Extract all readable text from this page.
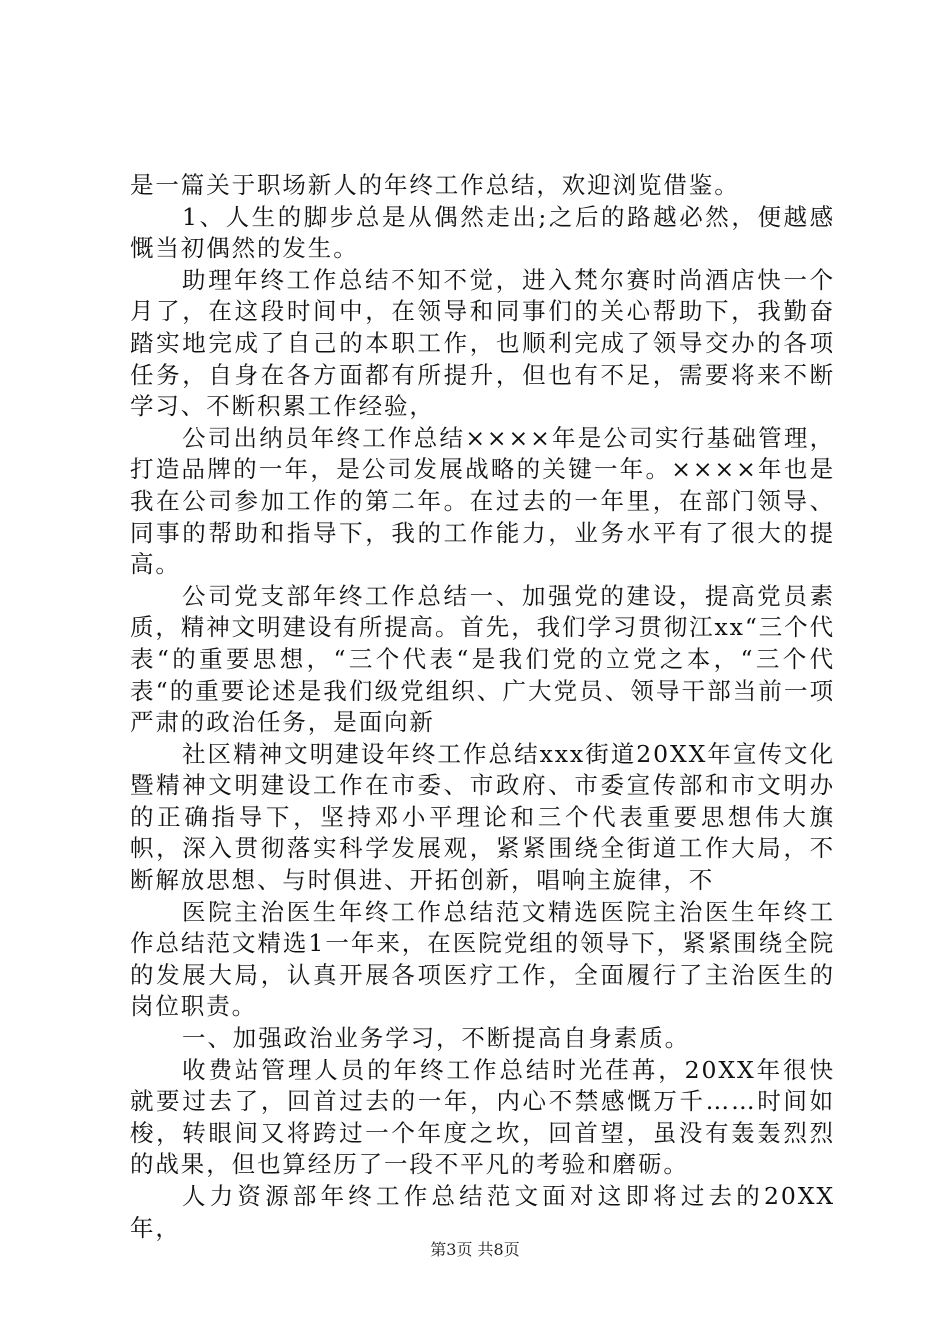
是一篇关于职场新人的年终工作总结，欢迎浏览借鉴。

1、人生的脚步总是从偶然走出;之后的路越必然，便越感慨当初偶然的发生。

助理年终工作总结不知不觉，进入梵尔赛时尚酒店快一个月了，在这段时间中，在领导和同事们的关心帮助下，我勤奋踏实地完成了自己的本职工作，也顺利完成了领导交办的各项任务，自身在各方面都有所提升，但也有不足，需要将来不断学习、不断积累工作经验，

公司出纳员年终工作总结××××年是公司实行基础管理，打造品牌的一年，是公司发展战略的关键一年。××××年也是我在公司参加工作的第二年。在过去的一年里，在部门领导、同事的帮助和指导下，我的工作能力，业务水平有了很大的提高。

公司党支部年终工作总结一、加强党的建设，提高党员素质，精神文明建设有所提高。首先，我们学习贯彻江xx“三个代表“的重要思想，“三个代表“是我们党的立党之本，“三个代表“的重要论述是我们级党组织、广大党员、领导干部当前一项严肃的政治任务，是面向新

社区精神文明建设年终工作总结xxx街道20XX年宣传文化暨精神文明建设工作在市委、市政府、市委宣传部和市文明办的正确指导下，坚持邓小平理论和三个代表重要思想伟大旗帜，深入贯彻落实科学发展观，紧紧围绕全街道工作大局，不断解放思想、与时俱进、开拓创新，唱响主旋律，不

医院主治医生年终工作总结范文精选医院主治医生年终工作总结范文精选1一年来，在医院党组的领导下，紧紧围绕全院的发展大局，认真开展各项医疗工作，全面履行了主治医生的岗位职责。

一、加强政治业务学习，不断提高自身素质。

收费站管理人员的年终工作总结时光荏苒，20XX年很快就要过去了，回首过去的一年，内心不禁感慨万千……时间如梭，转眼间又将跨过一个年度之坎，回首望，虽没有轰轰烈烈的战果，但也算经历了一段不平凡的考验和磨砺。

人力资源部年终工作总结范文面对这即将过去的20XX年，

第3页 共8页
